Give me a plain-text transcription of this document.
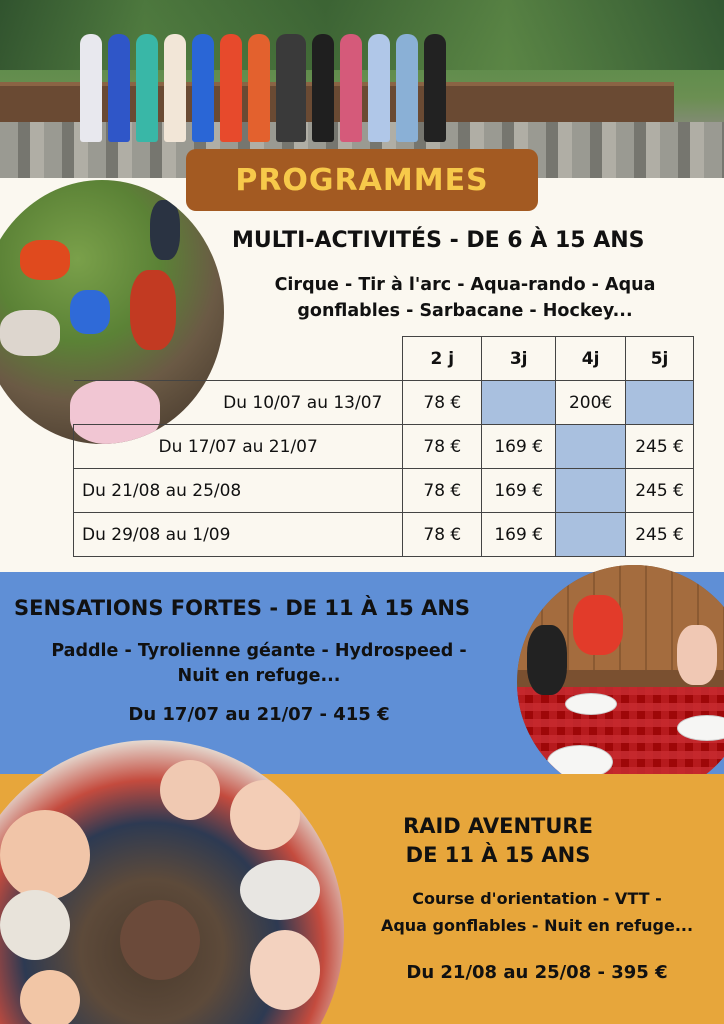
PROGRAMMES
MULTI-ACTIVITÉS - DE 6 À 15 ANS
Cirque - Tir à l'arc - Aqua-rando - Aqua
gonflables - Sarbacane - Hockey...
	2 j	3j	4j	5j
Du 10/07 au 13/07	78 €		200€	
Du 17/07 au 21/07	78 €	169 €		245 €
Du 21/08 au 25/08	78 €	169 €		245 €
Du 29/08 au 1/09	78 €	169 €		245 €
SENSATIONS FORTES - DE 11 À 15 ANS
Paddle - Tyrolienne géante - Hydrospeed -
Nuit en refuge...
Du 17/07 au 21/07 - 415 €
RAID AVENTURE
DE 11 À 15 ANS
Course d'orientation - VTT -
Aqua gonflables - Nuit en refuge...
Du 21/08 au 25/08 - 395 €
